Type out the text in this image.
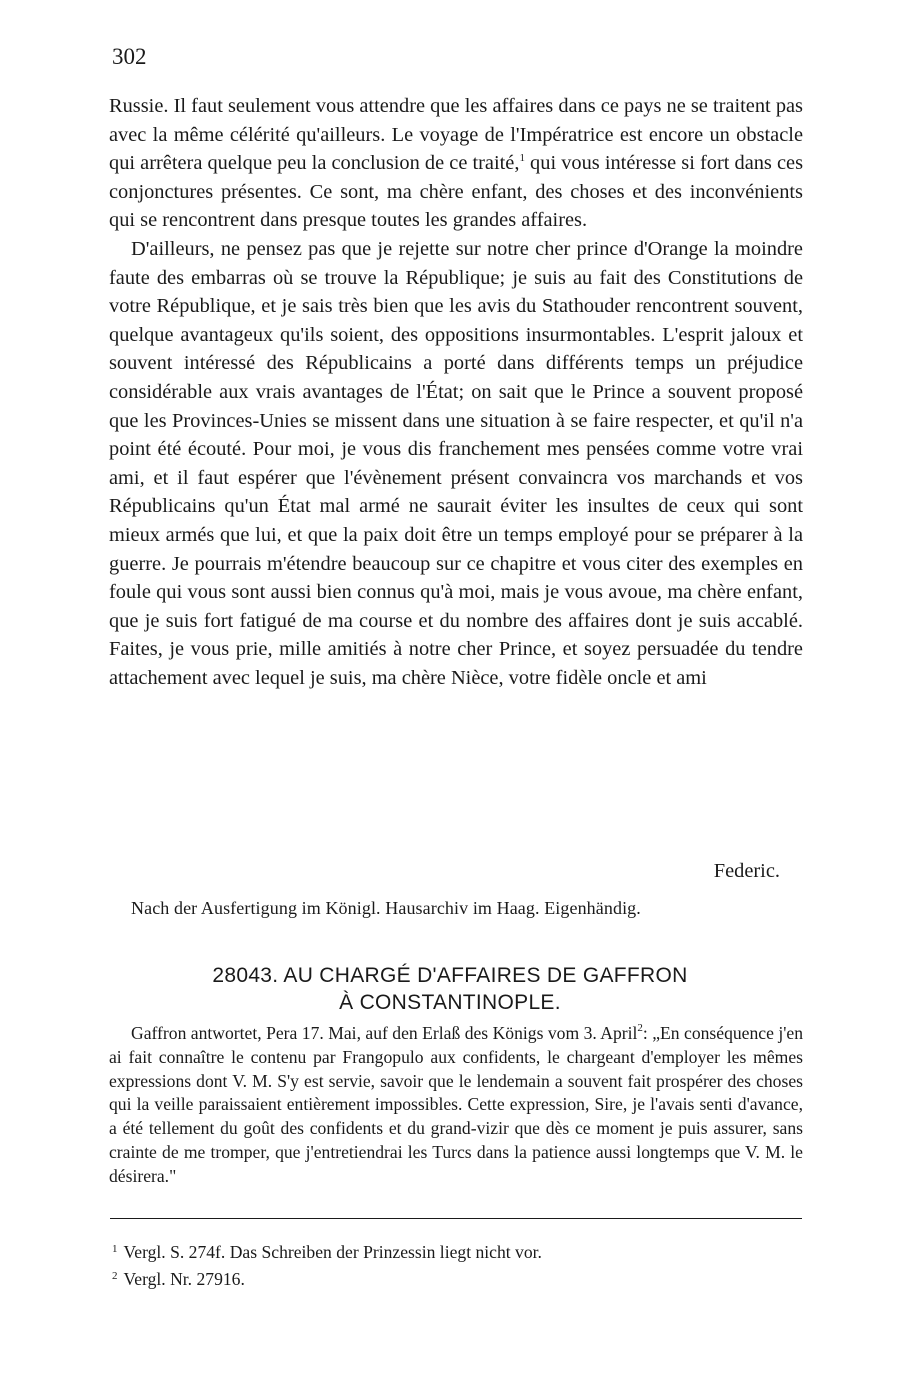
302

Russie. Il faut seulement vous attendre que les affaires dans ce pays ne se traitent pas avec la même célérité qu'ailleurs. Le voyage de l'Impératrice est encore un obstacle qui arrêtera quelque peu la conclusion de ce traité,$^1$ qui vous intéresse si fort dans ces conjonctures présentes. Ce sont, ma chère enfant, des choses et des inconvénients qui se rencontrent dans presque toutes les grandes affaires.

D'ailleurs, ne pensez pas que je rejette sur notre cher prince d'Orange la moindre faute des embarras où se trouve la République; je suis au fait des Constitutions de votre République, et je sais très bien que les avis du Stathouder rencontrent souvent, quelque avantageux qu'ils soient, des oppositions insurmontables. L'esprit jaloux et souvent intéressé des Républicains a porté dans différents temps un préjudice considérable aux vrais avantages de l'État; on sait que le Prince a souvent proposé que les Provinces-Unies se missent dans une situation à se faire respecter, et qu'il n'a point été écouté. Pour moi, je vous dis franchement mes pensées comme votre vrai ami, et il faut espérer que l'évènement présent convaincra vos marchands et vos Républicains qu'un État mal armé ne saurait éviter les insultes de ceux qui sont mieux armés que lui, et que la paix doit être un temps employé pour se préparer à la guerre. Je pourrais m'étendre beaucoup sur ce chapitre et vous citer des exemples en foule qui vous sont aussi bien connus qu'à moi, mais je vous avoue, ma chère enfant, que je suis fort fatigué de ma course et du nombre des affaires dont je suis accablé. Faites, je vous prie, mille amitiés à notre cher Prince, et soyez persuadée du tendre attachement avec lequel je suis, ma chère Nièce, votre fidèle oncle et ami

Federic.
Nach der Ausfertigung im Königl. Hausarchiv im Haag. Eigenhändig.
28043. AU CHARGÉ D'AFFAIRES DE GAFFRON
À CONSTANTINOPLE.

Gaffron antwortet, Pera 17. Mai, auf den Erlaß des Königs vom 3. April$^2$: „En conséquence j'en ai fait connaître le contenu par Frangopulo aux confidents, le chargeant d'employer les mêmes expressions dont V. M. S'y est servie, savoir que le lendemain a souvent fait prospérer des choses qui la veille paraissaient entièrement impossibles. Cette expression, Sire, je l'avais senti d'avance, a été tellement du goût des confidents et du grand-vizir que dès ce moment je puis assurer, sans crainte de me tromper, que j'entretiendrai les Turcs dans la patience aussi longtemps que V. M. le désirera."

$^1$ Vergl. S. 274f. Das Schreiben der Prinzessin liegt nicht vor.
$^2$ Vergl. Nr. 27916.
